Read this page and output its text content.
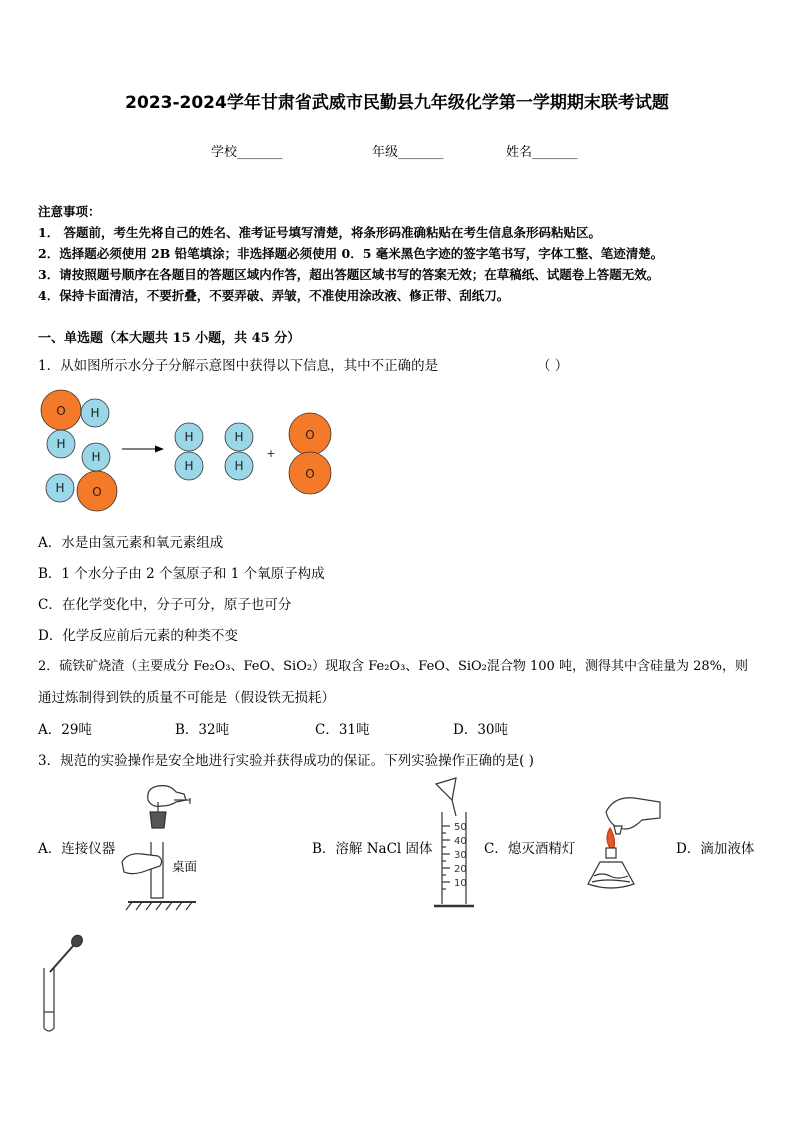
2023-2024学年甘肃省武威市民勤县九年级化学第一学期期末联考试题
学校_______	年级_______	姓名_______
注意事项：
1． 答题前，考生先将自己的姓名、准考证号填写清楚，将条形码准确粘贴在考生信息条形码粘贴区。
2．选择题必须使用 2B 铅笔填涂；非选择题必须使用 0．5 毫米黑色字迹的签字笔书写，字体工整、笔迹清楚。
3．请按照题号顺序在各题目的答题区域内作答，超出答题区域书写的答案无效；在草稿纸、试题卷上答题无效。
4．保持卡面清洁，不要折叠，不要弄破、弄皱，不准使用涂改液、修正带、刮纸刀。
一、单选题（本大题共 15 小题，共 45 分）
1．从如图所示水分子分解示意图中获得以下信息，其中不正确的是	（ ）
O H
H
H
H O
H
H
H
H
O
O
+
A．水是由氢元素和氧元素组成
B．1 个水分子由 2 个氢原子和 1 个氧原子构成
C．在化学变化中，分子可分，原子也可分
D．化学反应前后元素的种类不变
2．硫铁矿烧渣（主要成分 Fe₂O₃、FeO、SiO₂）现取含 Fe₂O₃、FeO、SiO₂混合物 100 吨，测得其中含硅量为 28%，则
通过炼制得到铁的质量不可能是（假设铁无损耗）
A．29吨	B．32吨	C．31吨	D．30吨
3．规范的实验操作是安全地进行实验并获得成功的保证。下列实验操作正确的是( )
A．连接仪器
桌面
B．溶解 NaCl 固体
50
40
30
20
10
C．熄灭酒精灯	D．滴加液体
